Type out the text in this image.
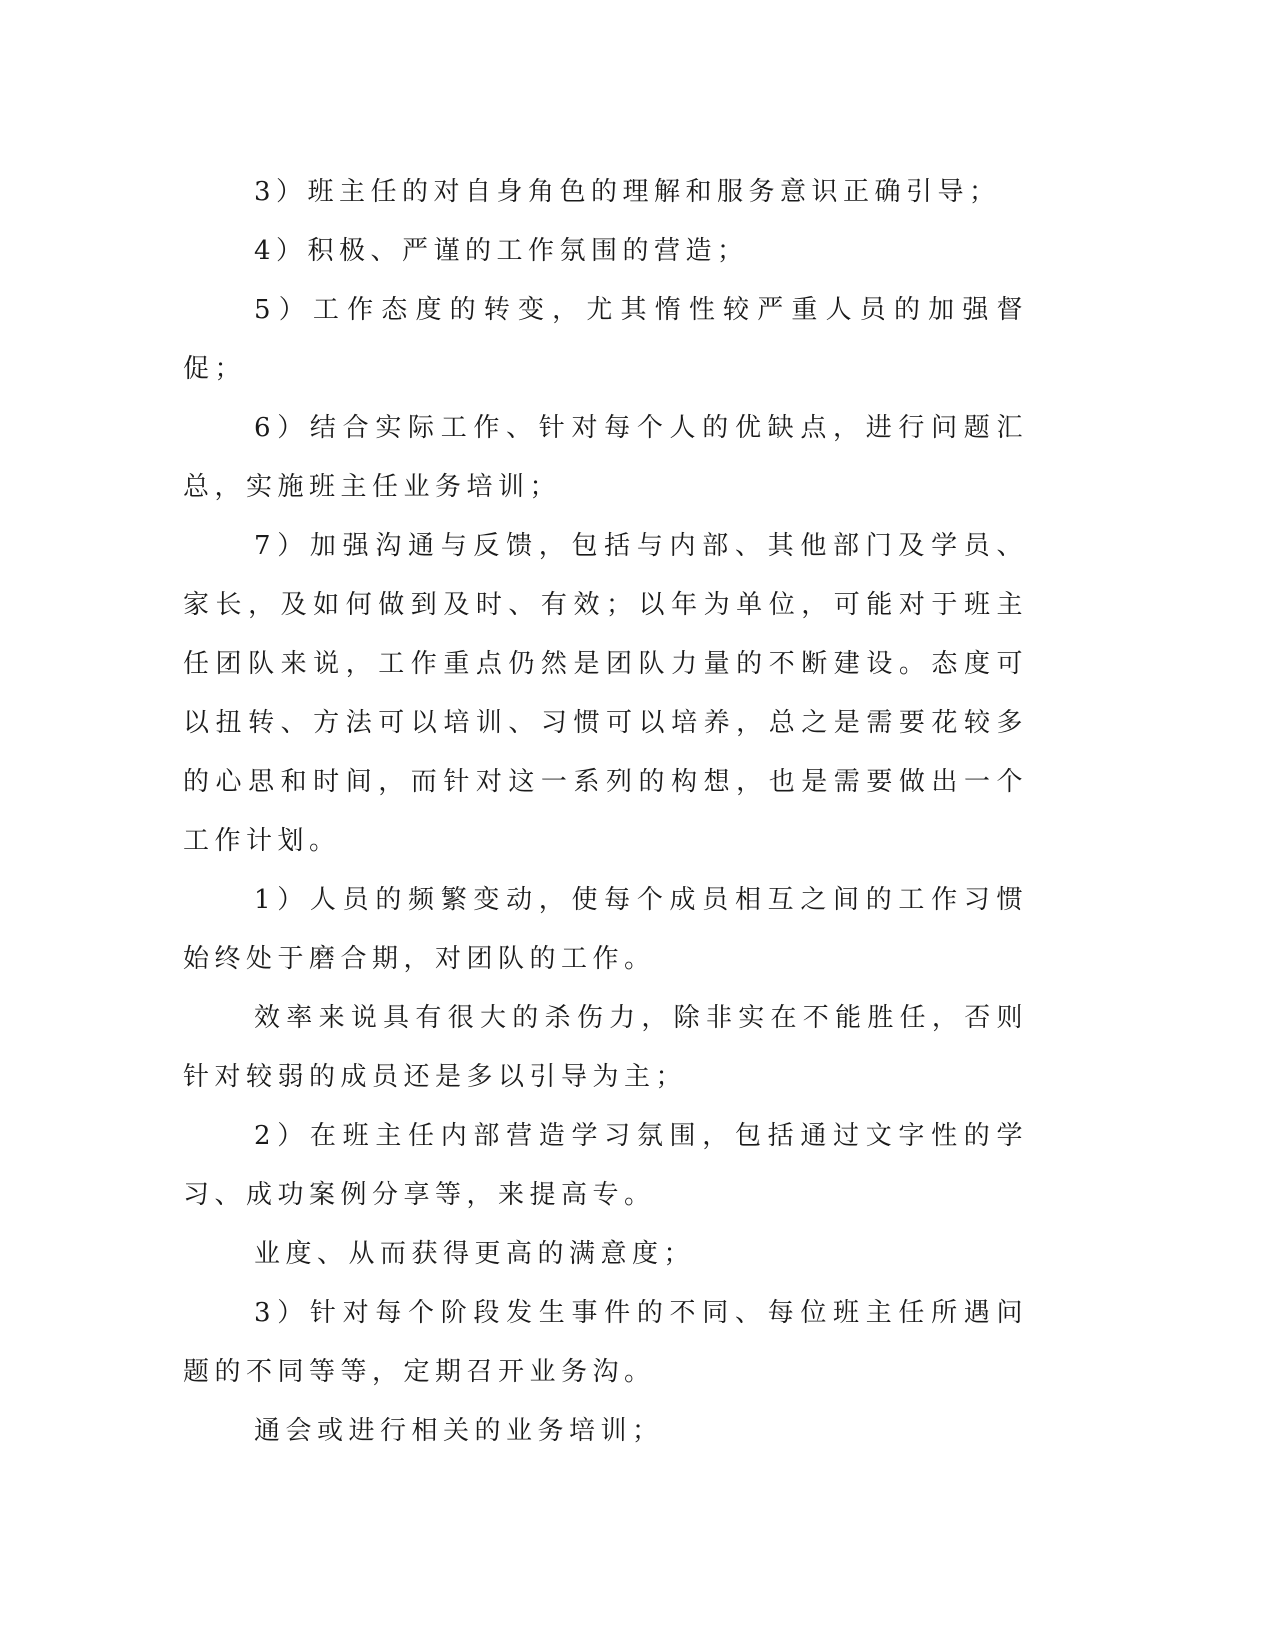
3）班主任的对自身角色的理解和服务意识正确引导；

4）积极、严谨的工作氛围的营造；

5）工作态度的转变，尤其惰性较严重人员的加强督促；

6）结合实际工作、针对每个人的优缺点，进行问题汇总，实施班主任业务培训；

7）加强沟通与反馈，包括与内部、其他部门及学员、家长，及如何做到及时、有效；以年为单位，可能对于班主任团队来说，工作重点仍然是团队力量的不断建设。态度可以扭转、方法可以培训、习惯可以培养，总之是需要花较多的心思和时间，而针对这一系列的构想，也是需要做出一个工作计划。

1）人员的频繁变动，使每个成员相互之间的工作习惯始终处于磨合期，对团队的工作。

效率来说具有很大的杀伤力，除非实在不能胜任，否则针对较弱的成员还是多以引导为主；

2）在班主任内部营造学习氛围，包括通过文字性的学习、成功案例分享等，来提高专。

业度、从而获得更高的满意度；

3）针对每个阶段发生事件的不同、每位班主任所遇问题的不同等等，定期召开业务沟。

通会或进行相关的业务培训；
